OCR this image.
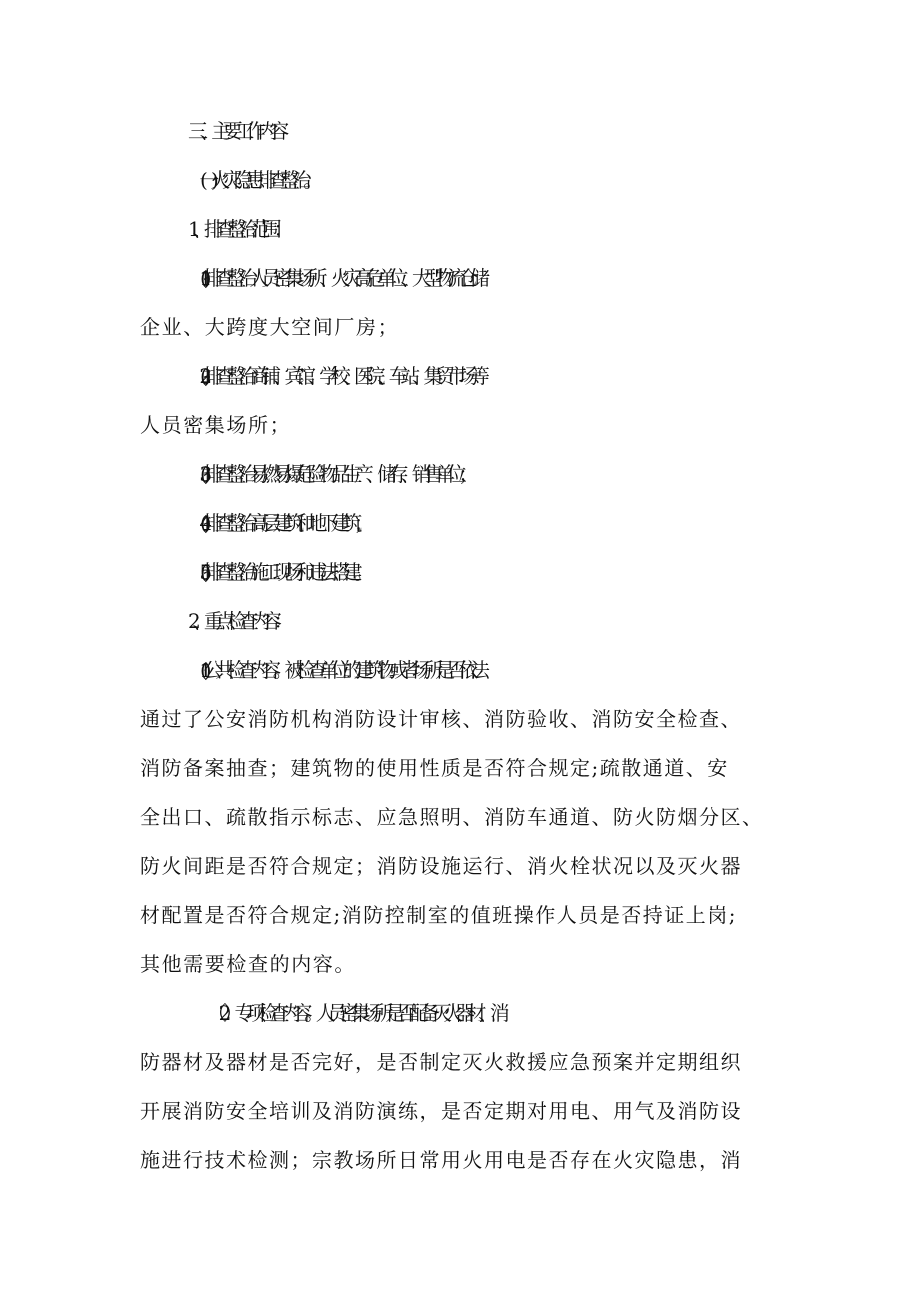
三、主要工作内容
(一)火灾隐患排查整治。
1、排查整治范围：
(1)排查整治人员密集场所、火灾高危单位、大型物流仓储
企业、大跨度大空间厂房；
(2)排查整治商铺、宾馆、学校、医院、车站、集贸市场等
人员密集场所；
(3)排查整治易燃易爆危险物品生产、储存、销售单位；
(4)排查整治高层建筑和地下建筑；
(5)排查整治施工现场和违法搭建。
2、重点检查内容：
(1)公共检查内容。被检查单位的建筑物或者场所是否依法
通过了公安消防机构消防设计审核、消防验收、消防安全检查、
消防备案抽查；建筑物的使用性质是否符合规定;疏散通道、安
全出口、疏散指示标志、应急照明、消防车通道、防火防烟分区、
防火间距是否符合规定；消防设施运行、消火栓状况以及灭火器
材配置是否符合规定;消防控制室的值班操作人员是否持证上岗;
其他需要检查的内容。
（2）专项检查内容。人员密集场所是否配备灭火器材、消
防器材及器材是否完好，是否制定灭火救援应急预案并定期组织
开展消防安全培训及消防演练，是否定期对用电、用气及消防设
施进行技术检测；宗教场所日常用火用电是否存在火灾隐患，消
